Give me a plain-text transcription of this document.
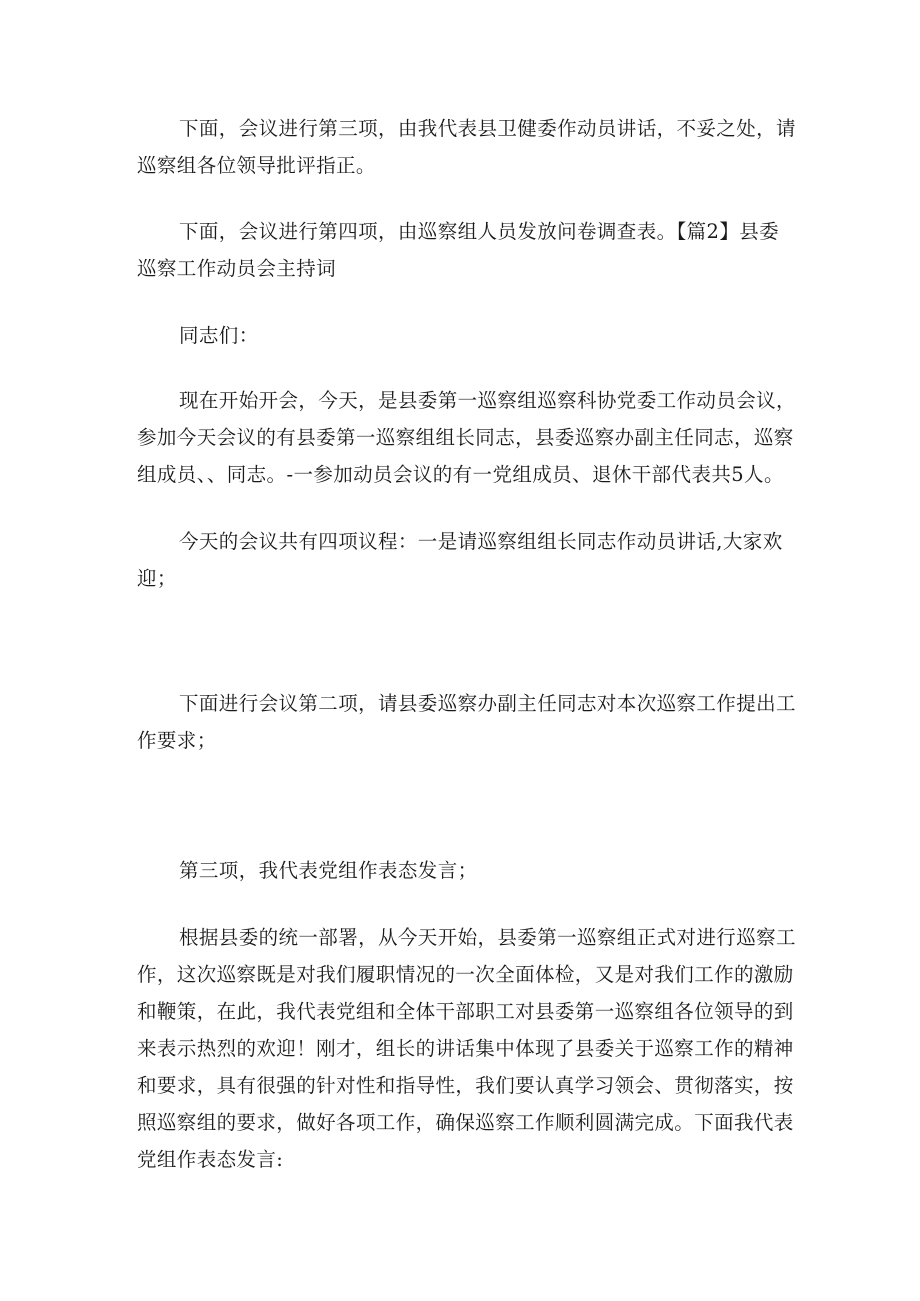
下面，会议进行第三项，由我代表县卫健委作动员讲话，不妥之处，请巡察组各位领导批评指正。

下面，会议进行第四项，由巡察组人员发放问卷调查表。【篇2】县委巡察工作动员会主持词

同志们：

现在开始开会，今天，是县委第一巡察组巡察科协党委工作动员会议，参加今天会议的有县委第一巡察组组长同志，县委巡察办副主任同志，巡察组成员、、同志。-一参加动员会议的有一党组成员、退休干部代表共5人。

今天的会议共有四项议程：一是请巡察组组长同志作动员讲话,大家欢迎；

下面进行会议第二项，请县委巡察办副主任同志对本次巡察工作提出工作要求；

第三项，我代表党组作表态发言；

根据县委的统一部署，从今天开始，县委第一巡察组正式对进行巡察工作，这次巡察既是对我们履职情况的一次全面体检，又是对我们工作的激励和鞭策，在此，我代表党组和全体干部职工对县委第一巡察组各位领导的到来表示热烈的欢迎！刚才，组长的讲话集中体现了县委关于巡察工作的精神和要求，具有很强的针对性和指导性，我们要认真学习领会、贯彻落实，按照巡察组的要求，做好各项工作，确保巡察工作顺利圆满完成。下面我代表党组作表态发言:
